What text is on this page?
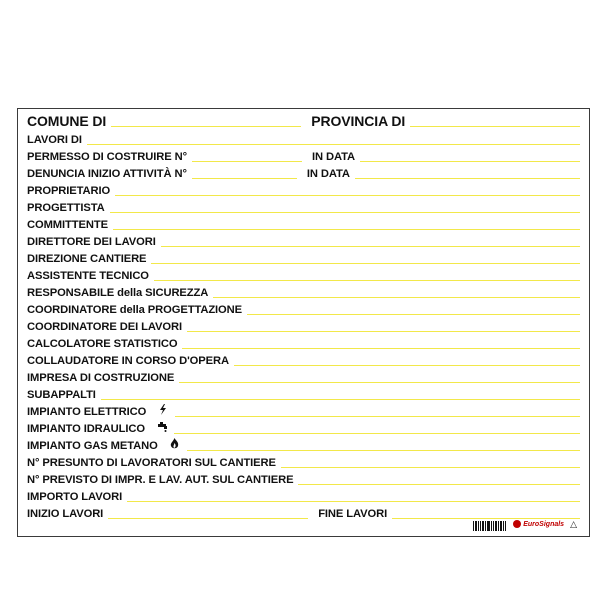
COMUNE DI	PROVINCIA DI
LAVORI DI
PERMESSO DI COSTRUIRE N°	IN DATA
DENUNCIA INIZIO ATTIVITÀ N°	IN DATA
PROPRIETARIO
PROGETTISTA
COMMITTENTE
DIRETTORE DEI LAVORI
DIREZIONE CANTIERE
ASSISTENTE TECNICO
RESPONSABILE della SICUREZZA
COORDINATORE della PROGETTAZIONE
COORDINATORE DEI LAVORI
CALCOLATORE STATISTICO
COLLAUDATORE IN CORSO D'OPERA
IMPRESA DI COSTRUZIONE
SUBAPPALTI
IMPIANTO ELETTRICO
IMPIANTO IDRAULICO
IMPIANTO GAS METANO
N° PRESUNTO DI LAVORATORI SUL CANTIERE
N° PREVISTO DI IMPR. E LAV. AUT. SUL CANTIERE
IMPORTO LAVORI
INIZIO LAVORI	FINE LAVORI
EuroSignals △
